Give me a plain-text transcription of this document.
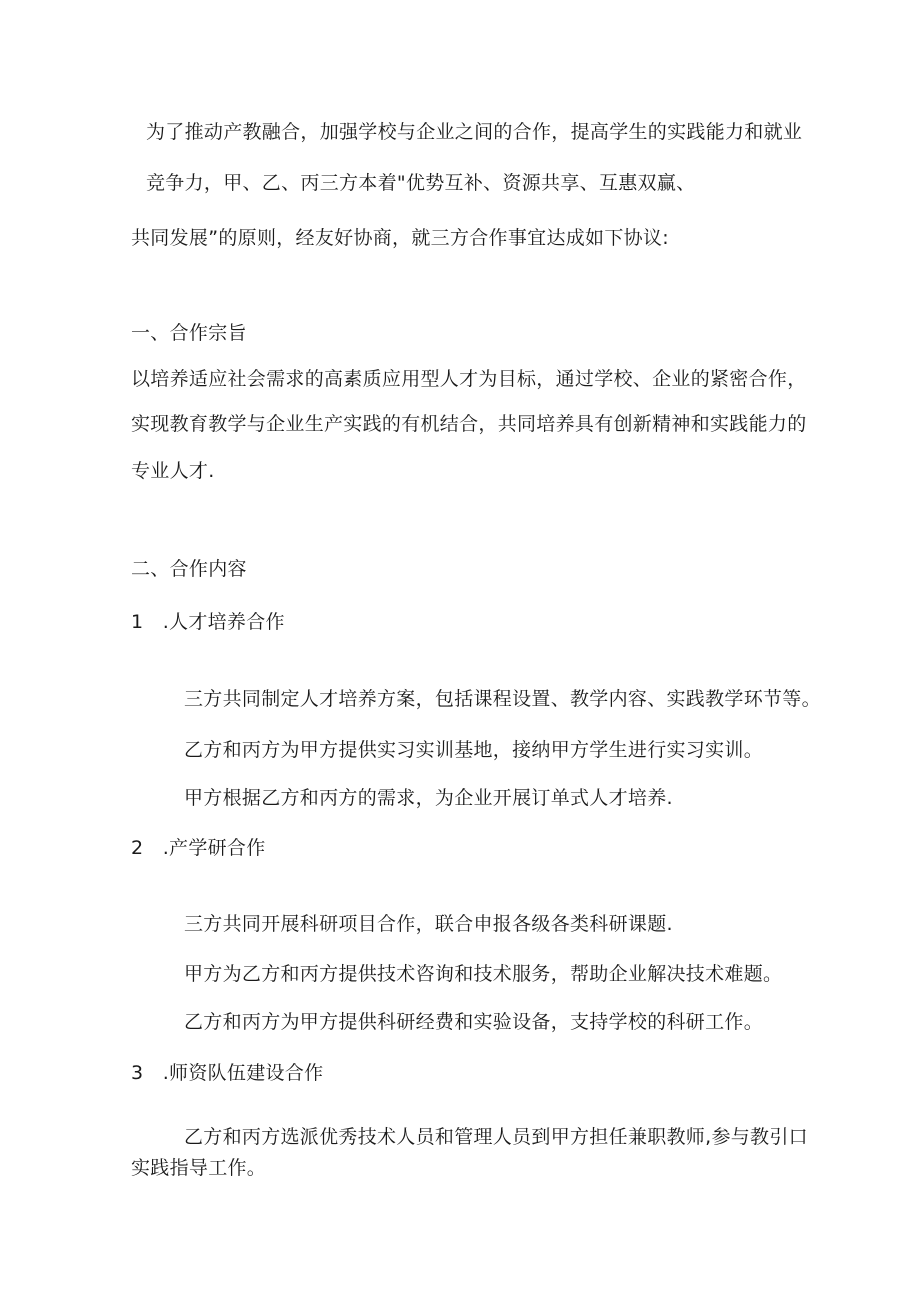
为了推动产教融合，加强学校与企业之间的合作，提高学生的实践能力和就业
竞争力，甲、乙、丙三方本着"优势互补、资源共享、互惠双赢、
共同发展”的原则，经友好协商，就三方合作事宜达成如下协议:
一、合作宗旨
以培养适应社会需求的高素质应用型人才为目标，通过学校、企业的紧密合作，
实现教育教学与企业生产实践的有机结合，共同培养具有创新精神和实践能力的
专业人才.
二、合作内容
1　.人才培养合作
三方共同制定人才培养方案，包括课程设置、教学内容、实践教学环节等。
乙方和丙方为甲方提供实习实训基地，接纳甲方学生进行实习实训。
甲方根据乙方和丙方的需求，为企业开展订单式人才培养.
2　.产学研合作
三方共同开展科研项目合作，联合申报各级各类科研课题.
甲方为乙方和丙方提供技术咨询和技术服务，帮助企业解决技术难题。
乙方和丙方为甲方提供科研经费和实验设备，支持学校的科研工作。
3　.师资队伍建设合作
乙方和丙方选派优秀技术人员和管理人员到甲方担任兼职教师,参与教引口
实践指导工作。
